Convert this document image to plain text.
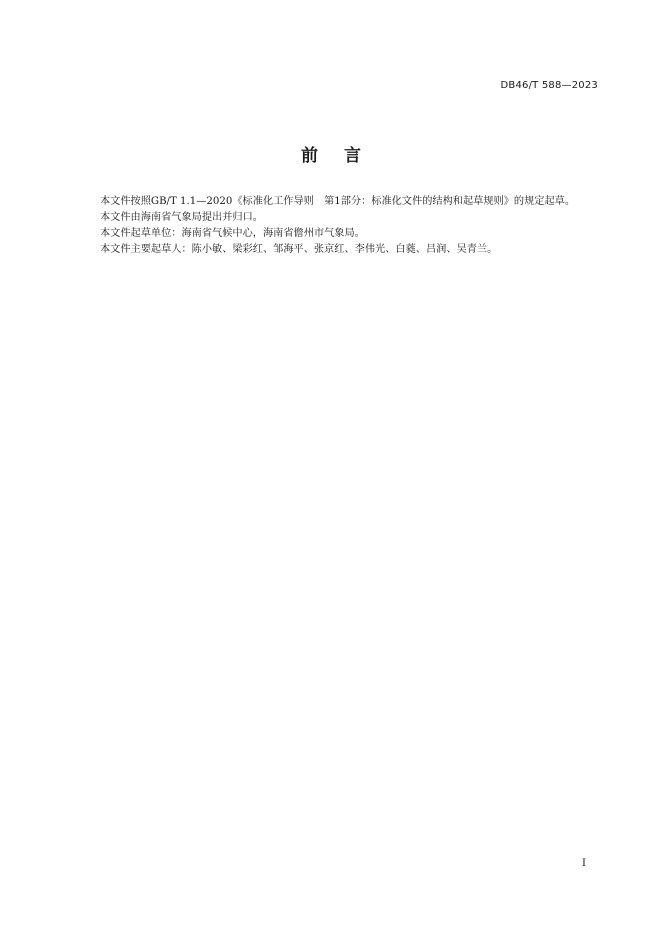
DB46/T 588—2023
前言

本文件按照GB/T 1.1—2020《标准化工作导则　第1部分：标准化文件的结构和起草规则》的规定起草。

本文件由海南省气象局提出并归口。

本文件起草单位：海南省气候中心，海南省儋州市气象局。

本文件主要起草人：陈小敏、梁彩红、邹海平、张京红、李伟光、白蕤、吕润、吴青兰。

I
